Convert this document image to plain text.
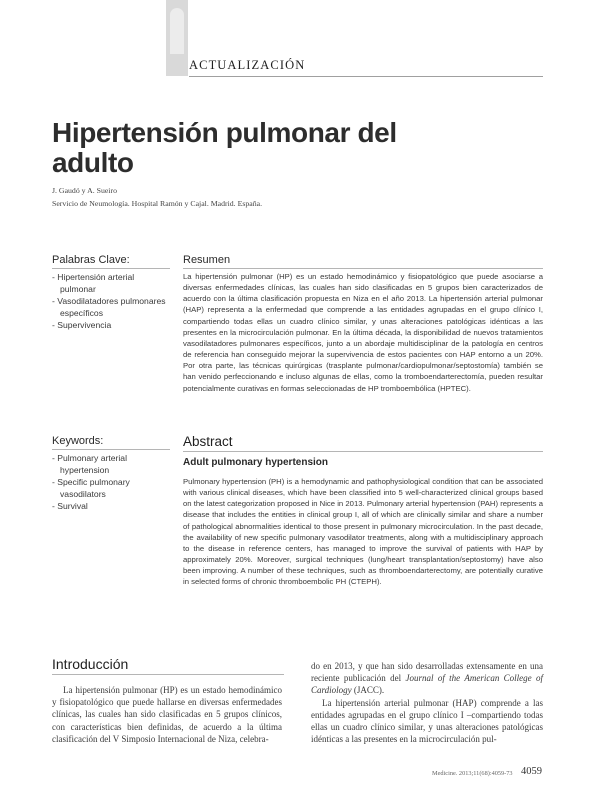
ACTUALIZACIÓN
Hipertensión pulmonar del adulto
J. Gaudó y A. Sueiro
Servicio de Neumología. Hospital Ramón y Cajal. Madrid. España.
Palabras Clave:
- Hipertensión arterial pulmonar
- Vasodilatadores pulmonares específicos
- Supervivencia
Resumen

La hipertensión pulmonar (HP) es un estado hemodinámico y fisiopatológico que puede asociarse a diversas enfermedades clínicas, las cuales han sido clasificadas en 5 grupos bien caracterizados de acuerdo con la última clasificación propuesta en Niza en el año 2013. La hipertensión arterial pulmonar (HAP) representa a la enfermedad que comprende a las entidades agrupadas en el grupo clínico I, compartiendo todas ellas un cuadro clínico similar, y unas alteraciones patológicas idénticas a las presentes en la microcirculación pulmonar. En la última década, la disponibilidad de nuevos tratamientos vasodilatadores pulmonares específicos, junto a un abordaje multidisciplinar de la patología en centros de referencia han conseguido mejorar la supervivencia de estos pacientes con HAP entorno a un 20%. Por otra parte, las técnicas quirúrgicas (trasplante pulmonar/cardiopulmonar/septostomía) también se han venido perfeccionando e incluso algunas de ellas, como la tromboendarterectomía, pueden resultar potencialmente curativas en formas seleccionadas de HP tromboembólica (HPTEC).

Keywords:
- Pulmonary arterial hypertension
- Specific pulmonary vasodilators
- Survival
Abstract
Adult pulmonary hypertension

Pulmonary hypertension (PH) is a hemodynamic and pathophysiological condition that can be associated with various clinical diseases, which have been classified into 5 well-characterized clinical groups based on the latest categorization proposed in Nice in 2013. Pulmonary arterial hypertension (PAH) represents a disease that includes the entities in clinical group I, all of which are clinically similar and share a number of pathological abnormalities identical to those present in pulmonary microcirculation. In the past decade, the availability of new specific pulmonary vasodilator treatments, along with a multidisciplinary approach to the disease in reference centers, has managed to improve the survival of patients with HAP by approximately 20%. Moreover, surgical techniques (lung/heart transplantation/septostomy) have also been improving. A number of these techniques, such as thromboendarterectomy, are potentially curative in selected forms of chronic thromboembolic PH (CTEPH).

Introducción

La hipertensión pulmonar (HP) es un estado hemodinámico y fisiopatológico que puede hallarse en diversas enfermedades clínicas, las cuales han sido clasificadas en 5 grupos clínicos, con características bien definidas, de acuerdo a la última clasificación del V Simposio Internacional de Niza, celebra-

do en 2013, y que han sido desarrolladas extensamente en una reciente publicación del Journal of the American College of Cardiology (JACC).

La hipertensión arterial pulmonar (HAP) comprende a las entidades agrupadas en el grupo clínico I –compartiendo todas ellas un cuadro clínico similar, y unas alteraciones patológicas idénticas a las presentes en la microcirculación pul-

Medicine. 2013;11(68):4059-73 4059
